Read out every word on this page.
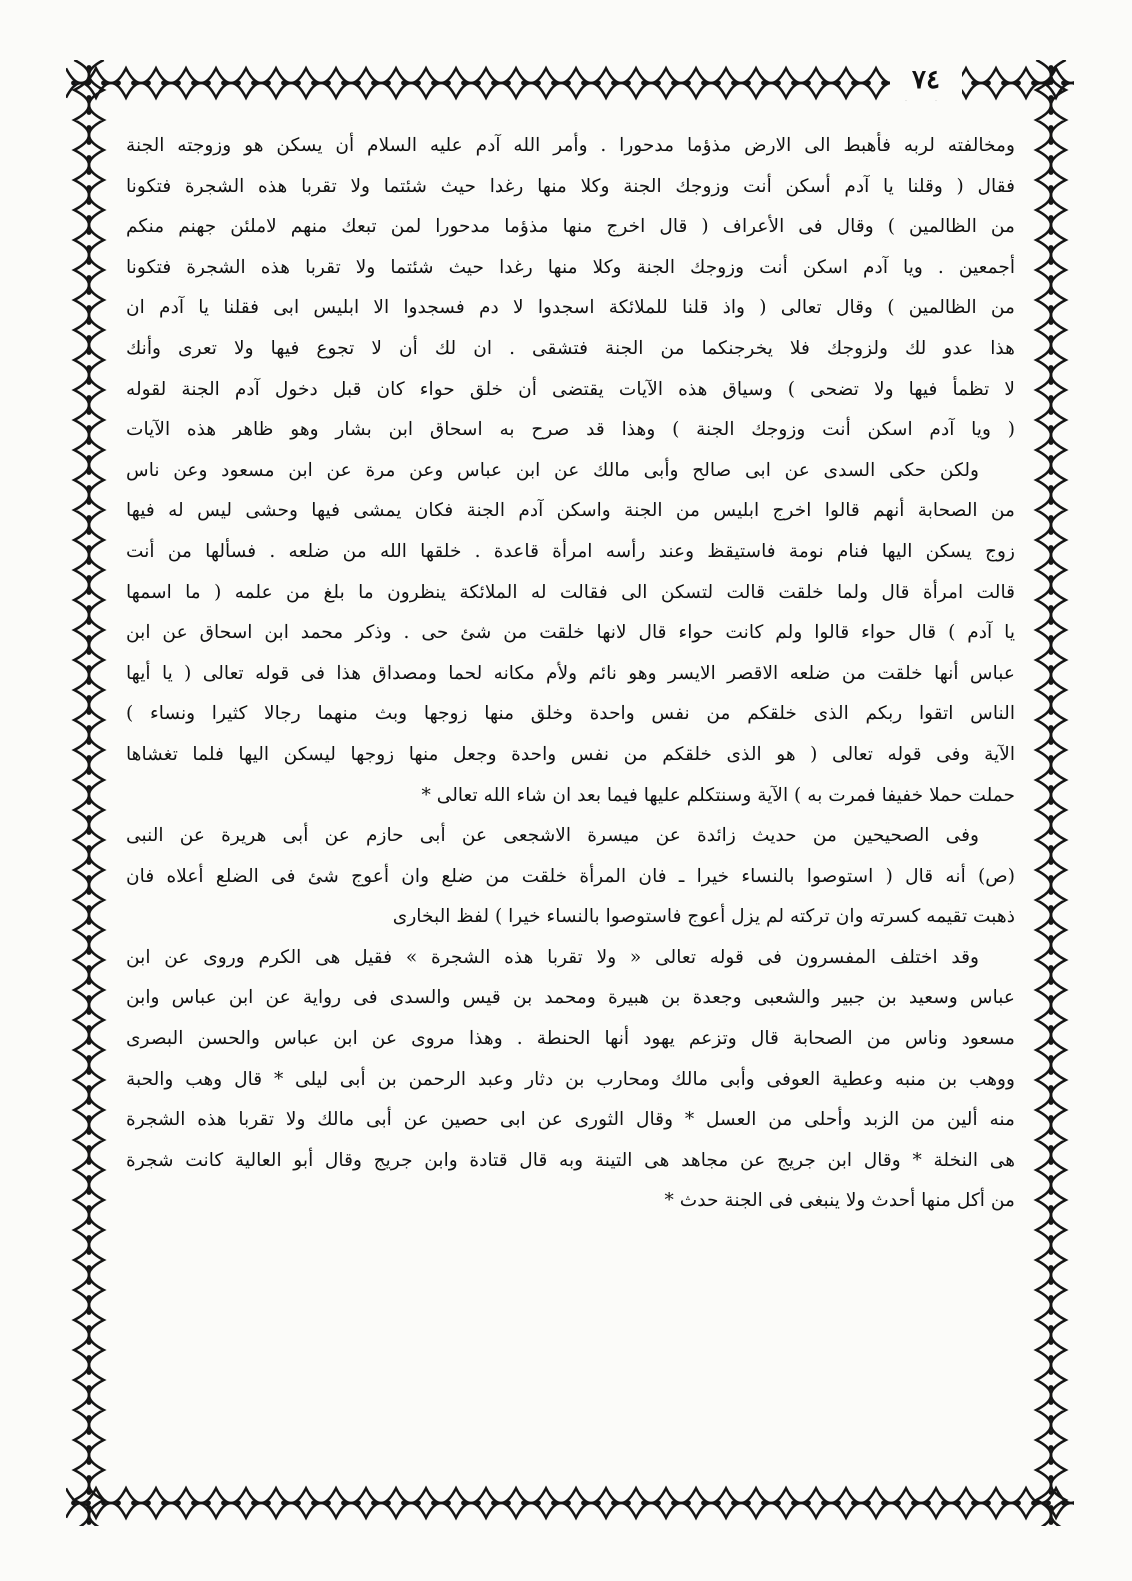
٧٤
ومخالفته لربه فأهبط الى الارض مذؤما مدحورا . وأمر الله آدم عليه السلام أن يسكن هو وزوجته الجنة
فقال ( وقلنا يا آدم أسكن أنت وزوجك الجنة وكلا منها رغدا حيث شئتما ولا تقربا هذه الشجرة فتكونا
من الظالمين ) وقال فى الأعراف ( قال اخرج منها مذؤما مدحورا لمن تبعك منهم لاملئن جهنم منكم
أجمعين . ويا آدم اسكن أنت وزوجك الجنة وكلا منها رغدا حيث شئتما ولا تقربا هذه الشجرة فتكونا
من الظالمين ) وقال تعالى ( واذ قلنا للملائكة اسجدوا لا دم فسجدوا الا ابليس ابى فقلنا يا آدم ان
هذا عدو لك ولزوجك فلا يخرجنكما من الجنة فتشقى . ان لك أن لا تجوع فيها ولا تعرى وأنك
لا تظمأ فيها ولا تضحى ) وسياق هذه الآيات يقتضى أن خلق حواء كان قبل دخول آدم الجنة لقوله
( ويا آدم اسكن أنت وزوجك الجنة ) وهذا قد صرح به اسحاق ابن بشار وهو ظاهر هذه الآيات
ولكن حكى السدى عن ابى صالح وأبى مالك عن ابن عباس وعن مرة عن ابن مسعود وعن ناس
من الصحابة أنهم قالوا اخرج ابليس من الجنة واسكن آدم الجنة فكان يمشى فيها وحشى ليس له فيها
زوج يسكن اليها فنام نومة فاستيقظ وعند رأسه امرأة قاعدة . خلقها الله من ضلعه . فسألها من أنت
قالت امرأة قال ولما خلقت قالت لتسكن الى فقالت له الملائكة ينظرون ما بلغ من علمه ( ما اسمها
يا آدم ) قال حواء قالوا ولم كانت حواء قال لانها خلقت من شئ حى . وذكر محمد ابن اسحاق عن ابن
عباس أنها خلقت من ضلعه الاقصر الايسر وهو نائم ولأم مكانه لحما ومصداق هذا فى قوله تعالى ( يا أيها
الناس اتقوا ربكم الذى خلقكم من نفس واحدة وخلق منها زوجها وبث منهما رجالا كثيرا ونساء )
الآية وفى قوله تعالى ( هو الذى خلقكم من نفس واحدة وجعل منها زوجها ليسكن اليها فلما تغشاها
حملت حملا خفيفا فمرت به ) الآية وسنتكلم عليها فيما بعد ان شاء الله تعالى *
وفى الصحيحين من حديث زائدة عن ميسرة الاشجعى عن أبى حازم عن أبى هريرة عن النبى
(ص) أنه قال ( استوصوا بالنساء خيرا ـ فان المرأة خلقت من ضلع وان أعوج شئ فى الضلع أعلاه فان
ذهبت تقيمه كسرته وان تركته لم يزل أعوج فاستوصوا بالنساء خيرا ) لفظ البخارى
وقد اختلف المفسرون فى قوله تعالى « ولا تقربا هذه الشجرة » فقيل هى الكرم وروى عن ابن
عباس وسعيد بن جبير والشعبى وجعدة بن هبيرة ومحمد بن قيس والسدى فى رواية عن ابن عباس وابن
مسعود وناس من الصحابة قال وتزعم يهود أنها الحنطة . وهذا مروى عن ابن عباس والحسن البصرى
ووهب بن منبه وعطية العوفى وأبى مالك ومحارب بن دثار وعبد الرحمن بن أبى ليلى * قال وهب والحبة
منه ألين من الزبد وأحلى من العسل * وقال الثورى عن ابى حصين عن أبى مالك ولا تقربا هذه الشجرة
هى النخلة * وقال ابن جريج عن مجاهد هى التينة وبه قال قتادة وابن جريج وقال أبو العالية كانت شجرة
من أكل منها أحدث ولا ينبغى فى الجنة حدث *
